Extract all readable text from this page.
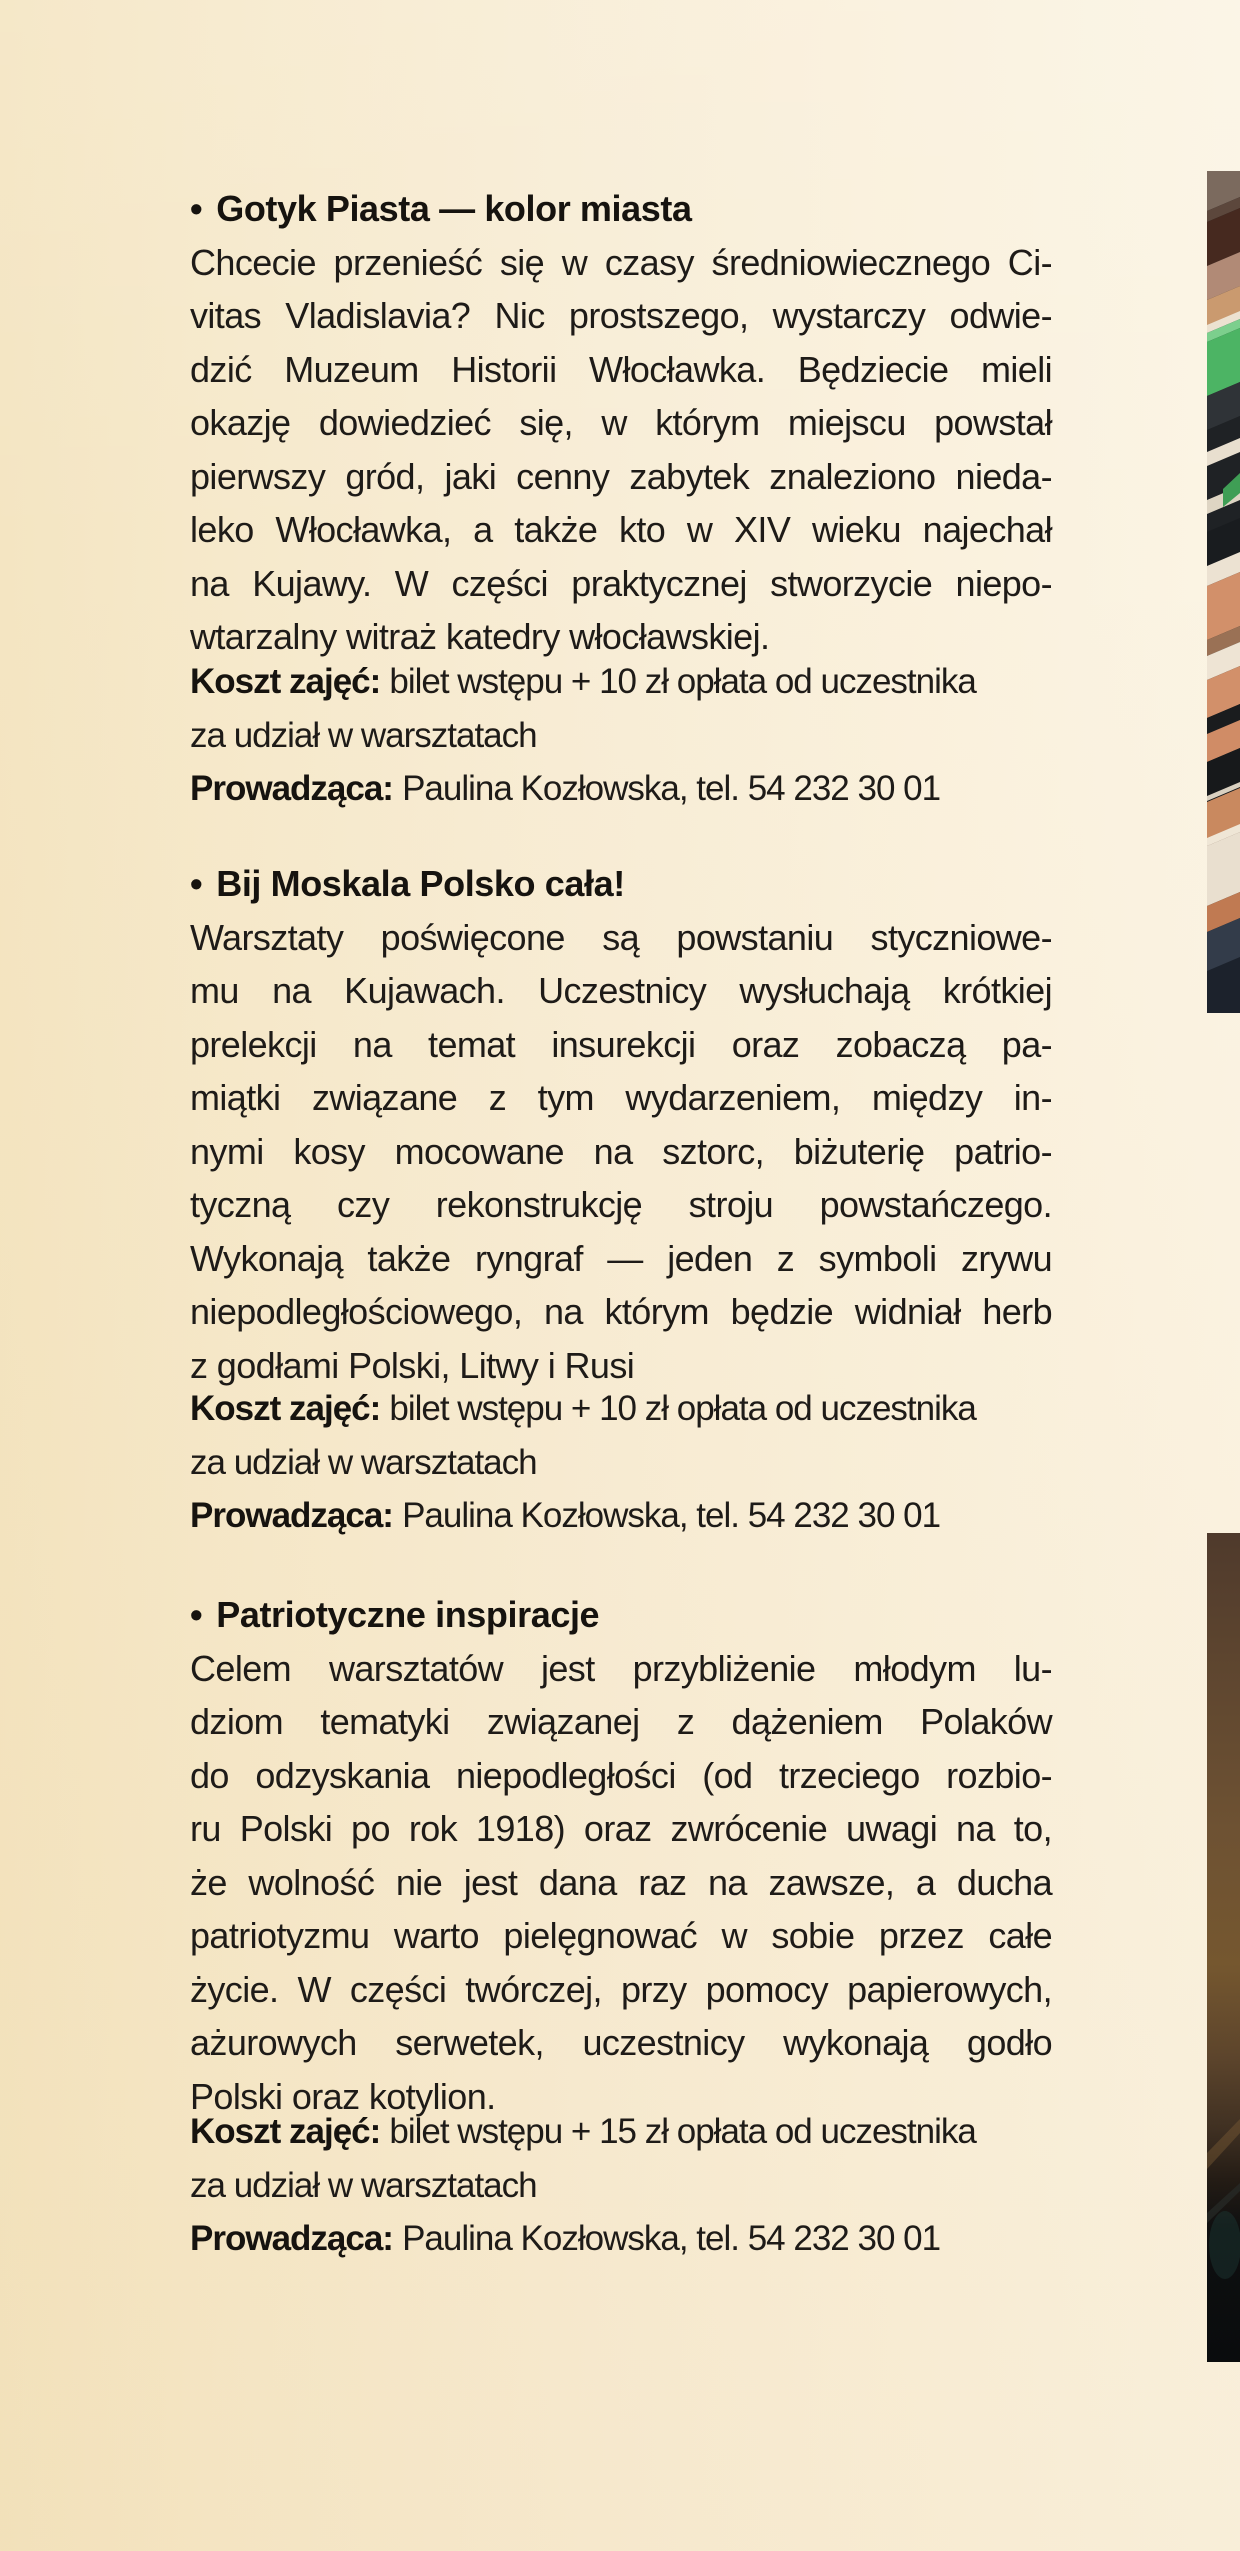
• Gotyk Piasta — kolor miasta
Chcecie przenieść się w czasy średniowiecznego Ci-
vitas Vladislavia? Nic prostszego, wystarczy odwie-
dzić Muzeum Historii Włocławka. Będziecie mieli
okazję dowiedzieć się, w którym miejscu powstał
pierwszy gród, jaki cenny zabytek znaleziono nieda-
leko Włocławka, a także kto w XIV wieku najechał
na Kujawy. W części praktycznej stworzycie niepo-
wtarzalny witraż katedry włocławskiej.
Koszt zajęć: bilet wstępu + 10 zł opłata od uczestnika
za udział w warsztatach
Prowadząca: Paulina Kozłowska, tel. 54 232 30 01
• Bij Moskala Polsko cała!
Warsztaty poświęcone są powstaniu styczniowe-
mu na Kujawach. Uczestnicy wysłuchają krótkiej
prelekcji na temat insurekcji oraz zobaczą pa-
miątki związane z tym wydarzeniem, między in-
nymi kosy mocowane na sztorc, biżuterię patrio-
tyczną czy rekonstrukcję stroju powstańczego.
Wykonają także ryngraf — jeden z symboli zrywu
niepodległościowego, na którym będzie widniał herb
z godłami Polski, Litwy i Rusi
Koszt zajęć: bilet wstępu + 10 zł opłata od uczestnika
za udział w warsztatach
Prowadząca: Paulina Kozłowska, tel. 54 232 30 01
• Patriotyczne inspiracje
Celem warsztatów jest przybliżenie młodym lu-
dziom tematyki związanej z dążeniem Polaków
do odzyskania niepodległości (od trzeciego rozbio-
ru Polski po rok 1918) oraz zwrócenie uwagi na to,
że wolność nie jest dana raz na zawsze, a ducha
patriotyzmu warto pielęgnować w sobie przez całe
życie. W części twórczej, przy pomocy papierowych,
ażurowych serwetek, uczestnicy wykonają godło
Polski oraz kotylion.
Koszt zajęć: bilet wstępu + 15 zł opłata od uczestnika
za udział w warsztatach
Prowadząca: Paulina Kozłowska, tel. 54 232 30 01
